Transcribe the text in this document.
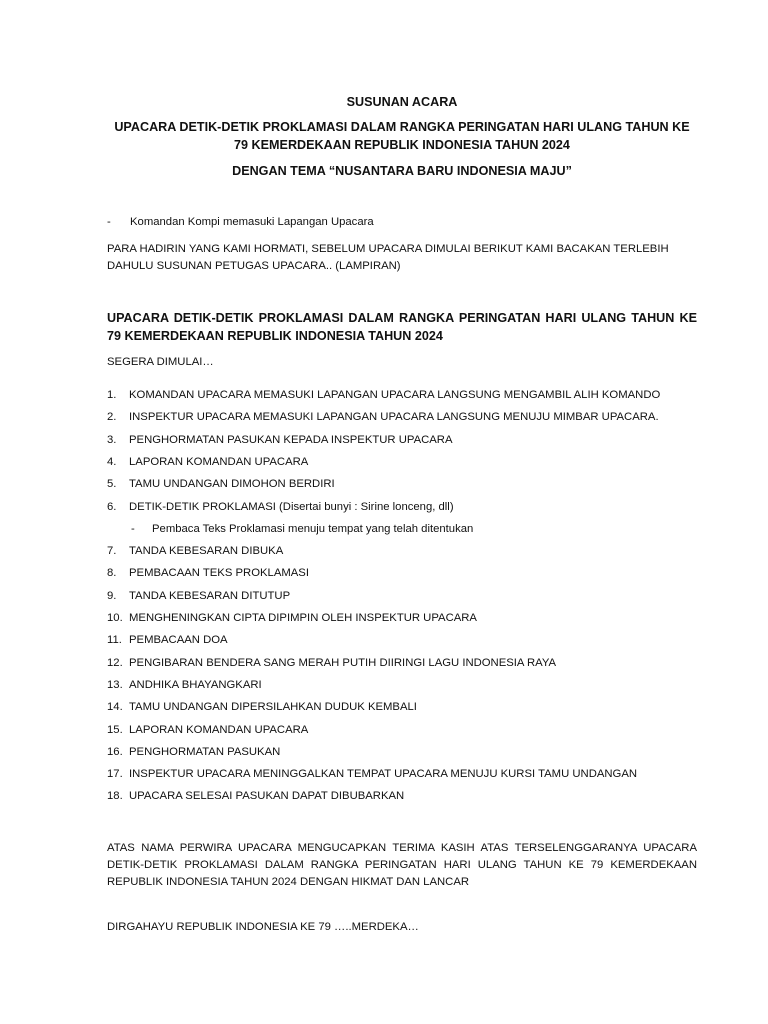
SUSUNAN ACARA
UPACARA DETIK-DETIK PROKLAMASI DALAM RANGKA PERINGATAN HARI ULANG TAHUN KE 79 KEMERDEKAAN REPUBLIK INDONESIA TAHUN 2024
DENGAN TEMA “NUSANTARA BARU INDONESIA MAJU”
-	Komandan Kompi memasuki Lapangan Upacara
PARA HADIRIN YANG KAMI HORMATI, SEBELUM UPACARA DIMULAI BERIKUT KAMI BACAKAN TERLEBIH DAHULU SUSUNAN PETUGAS UPACARA.. (LAMPIRAN)
UPACARA DETIK-DETIK PROKLAMASI DALAM RANGKA PERINGATAN HARI ULANG TAHUN KE 79 KEMERDEKAAN REPUBLIK INDONESIA TAHUN 2024
SEGERA DIMULAI…
1. KOMANDAN UPACARA MEMASUKI LAPANGAN UPACARA LANGSUNG MENGAMBIL ALIH KOMANDO
2. INSPEKTUR UPACARA MEMASUKI LAPANGAN UPACARA LANGSUNG MENUJU MIMBAR UPACARA.
3. PENGHORMATAN PASUKAN KEPADA INSPEKTUR UPACARA
4. LAPORAN KOMANDAN UPACARA
5. TAMU UNDANGAN DIMOHON BERDIRI
6. DETIK-DETIK PROKLAMASI (Disertai bunyi : Sirine lonceng, dll)
- Pembaca Teks Proklamasi menuju tempat yang telah ditentukan
7. TANDA KEBESARAN DIBUKA
8. PEMBACAAN TEKS PROKLAMASI
9. TANDA KEBESARAN DITUTUP
10. MENGHENINGKAN CIPTA DIPIMPIN OLEH INSPEKTUR UPACARA
11. PEMBACAAN DOA
12. PENGIBARAN BENDERA SANG MERAH PUTIH DIIRINGI LAGU INDONESIA RAYA
13. ANDHIKA BHAYANGKARI
14. TAMU UNDANGAN DIPERSILAHKAN DUDUK KEMBALI
15. LAPORAN KOMANDAN UPACARA
16. PENGHORMATAN PASUKAN
17. INSPEKTUR UPACARA MENINGGALKAN TEMPAT UPACARA MENUJU KURSI TAMU UNDANGAN
18. UPACARA SELESAI PASUKAN DAPAT DIBUBARKAN
ATAS NAMA PERWIRA UPACARA MENGUCAPKAN TERIMA KASIH ATAS TERSELENGGARANYA UPACARA DETIK-DETIK PROKLAMASI DALAM RANGKA PERINGATAN HARI ULANG TAHUN KE 79 KEMERDEKAAN REPUBLIK INDONESIA TAHUN 2024 DENGAN HIKMAT DAN LANCAR
DIRGAHAYU REPUBLIK INDONESIA KE 79 …..MERDEKA…
